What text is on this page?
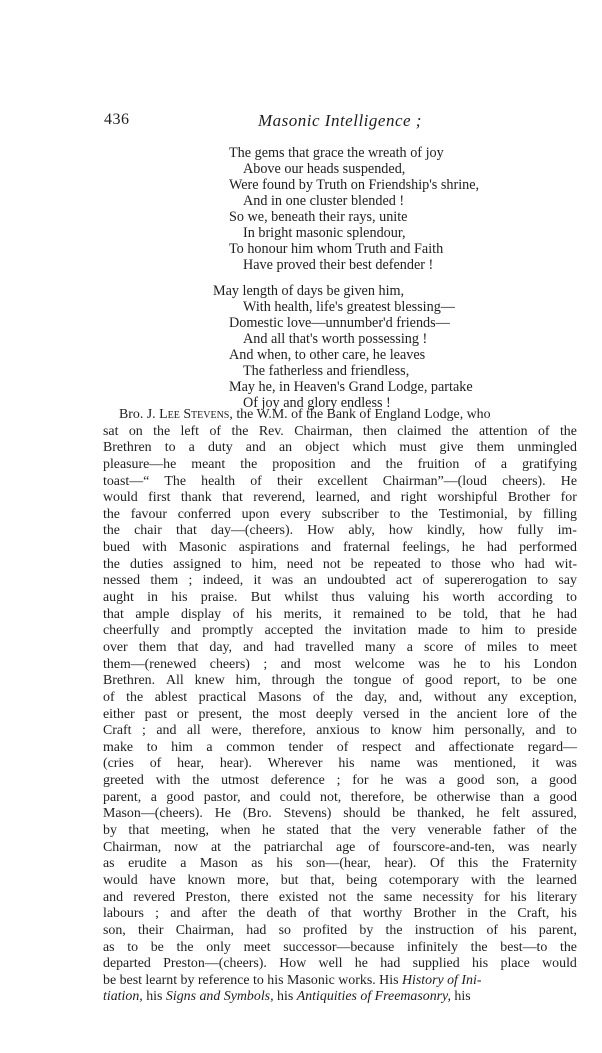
436	Masonic Intelligence ;
The gems that grace the wreath of joy
Above our heads suspended,
Were found by Truth on Friendship's shrine,
And in one cluster blended !
So we, beneath their rays, unite
In bright masonic splendour,
To honour him whom Truth and Faith
Have proved their best defender !
May length of days be given him,
With health, life's greatest blessing—
Domestic love—unnumber'd friends—
And all that's worth possessing !
And when, to other care, he leaves
The fatherless and friendless,
May he, in Heaven's Grand Lodge, partake
Of joy and glory endless !
Bro. J. Lee Stevens , the W.M. of the Bank of England Lodge, who
sat on the left of the Rev. Chairman, then claimed the attention of the
Brethren to a duty and an object which must give them unmingled
pleasure—he meant the proposition and the fruition of a gratifying
toast—“ The health of their excellent Chairman”—(loud cheers). He
would first thank that reverend, learned, and right worshipful Brother for
the favour conferred upon every subscriber to the Testimonial, by filling
the chair that day—(cheers). How ably, how kindly, how fully im-
bued with Masonic aspirations and fraternal feelings, he had performed
the duties assigned to him, need not be repeated to those who had wit-
nessed them ; indeed, it was an undoubted act of supererogation to say
aught in his praise. But whilst thus valuing his worth according to
that ample display of his merits, it remained to be told, that he had
cheerfully and promptly accepted the invitation made to him to preside
over them that day, and had travelled many a score of miles to meet
them—(renewed cheers) ; and most welcome was he to his London
Brethren. All knew him, through the tongue of good report, to be one
of the ablest practical Masons of the day, and, without any exception,
either past or present, the most deeply versed in the ancient lore of the
Craft ; and all were, therefore, anxious to know him personally, and to
make to him a common tender of respect and affectionate regard—
(cries of hear, hear). Wherever his name was mentioned, it was
greeted with the utmost deference ; for he was a good son, a good
parent, a good pastor, and could not, therefore, be otherwise than a good
Mason—(cheers). He (Bro. Stevens) should be thanked, he felt assured,
by that meeting, when he stated that the very venerable father of the
Chairman, now at the patriarchal age of fourscore-and-ten, was nearly
as erudite a Mason as his son—(hear, hear). Of this the Fraternity
would have known more, but that, being cotemporary with the learned
and revered Preston, there existed not the same necessity for his literary
labours ; and after the death of that worthy Brother in the Craft, his
son, their Chairman, had so profited by the instruction of his parent,
as to be the only meet successor—because infinitely the best—to the
departed Preston—(cheers). How well he had supplied his place would
be best learnt by reference to his Masonic works. His
History of Ini-
tiation, his Signs and Symbols, his Antiquities of Freemasonry, his
